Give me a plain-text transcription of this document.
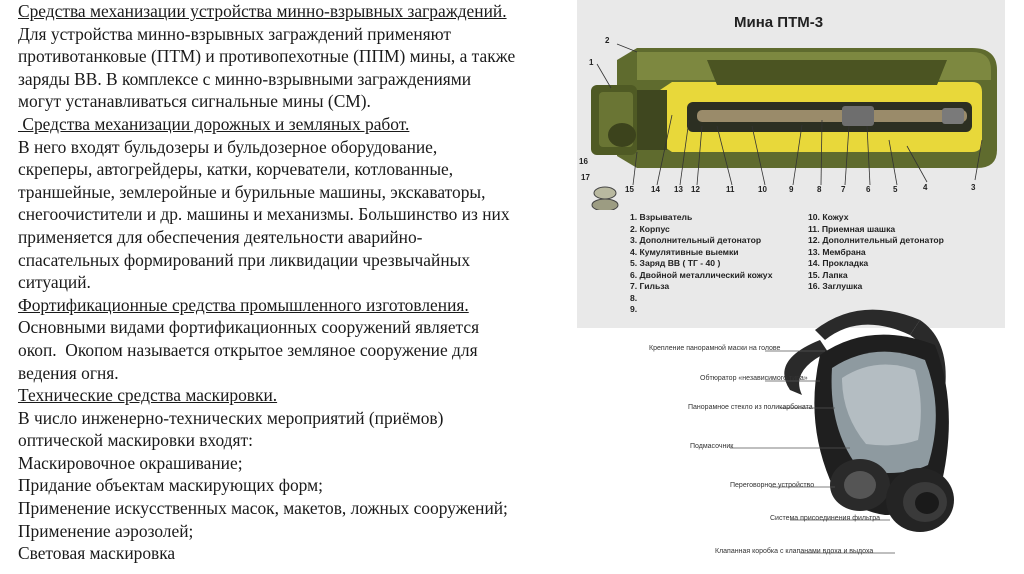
Средства механизации устройства минно-взрывных заграждений.
Для устройства минно-взрывных заграждений применяют
противотанковые (ПТМ) и противопехотные (ППМ) мины, а также
заряды ВВ. В комплексе с минно-взрывными заграждениями
могут устанавливаться сигнальные мины (СМ).
Средства механизации дорожных и земляных работ.
В него входят бульдозеры и бульдозерное оборудование,
скреперы, автогрейдеры, катки, корчеватели, котлованные,
траншейные, землеройные и бурильные машины, экскаваторы,
снегоочистители и др. машины и механизмы. Большинство из них
применяется для обеспечения деятельности аварийно-
спасательных формирований при ликвидации чрезвычайных
ситуаций.
Фортификационные средства промышленного изготовления.
Основными видами фортификационных сооружений является
окоп.  Окопом называется открытое земляное сооружение для
ведения огня.
Технические средства маскировки.
В число инженерно-технических мероприятий (приёмов)
оптической маскировки входят:
Маскировочное окрашивание;
Придание объектам маскирующих форм;
Применение искусственных масок, макетов, ложных сооружений;
Применение аэрозолей;
Световая маскировка
Мина ПТМ-3
2
1
3
4
5
6
7
8
9
10
11
12
13
14
15
16
17
1. Взрыватель
2. Корпус
3. Дополнительный детонатор
4. Кумулятивные выемки
5. Заряд ВВ ( ТГ - 40 )
6. Двойной металлический кожух
7. Гильза
8.
9.
10. Кожух
11. Приемная шашка
12. Дополнительный детонатор
13. Мембрана
14. Прокладка
15. Лапка
16. Заглушка
Крепление панорамной маски на голове
Обтюратор «независимого типа»
Панорамное стекло из поликарбоната
Подмасочник
Переговорное устройство
Система присоединения фильтра
Клапанная коробка с клапанами вдоха и выдоха
